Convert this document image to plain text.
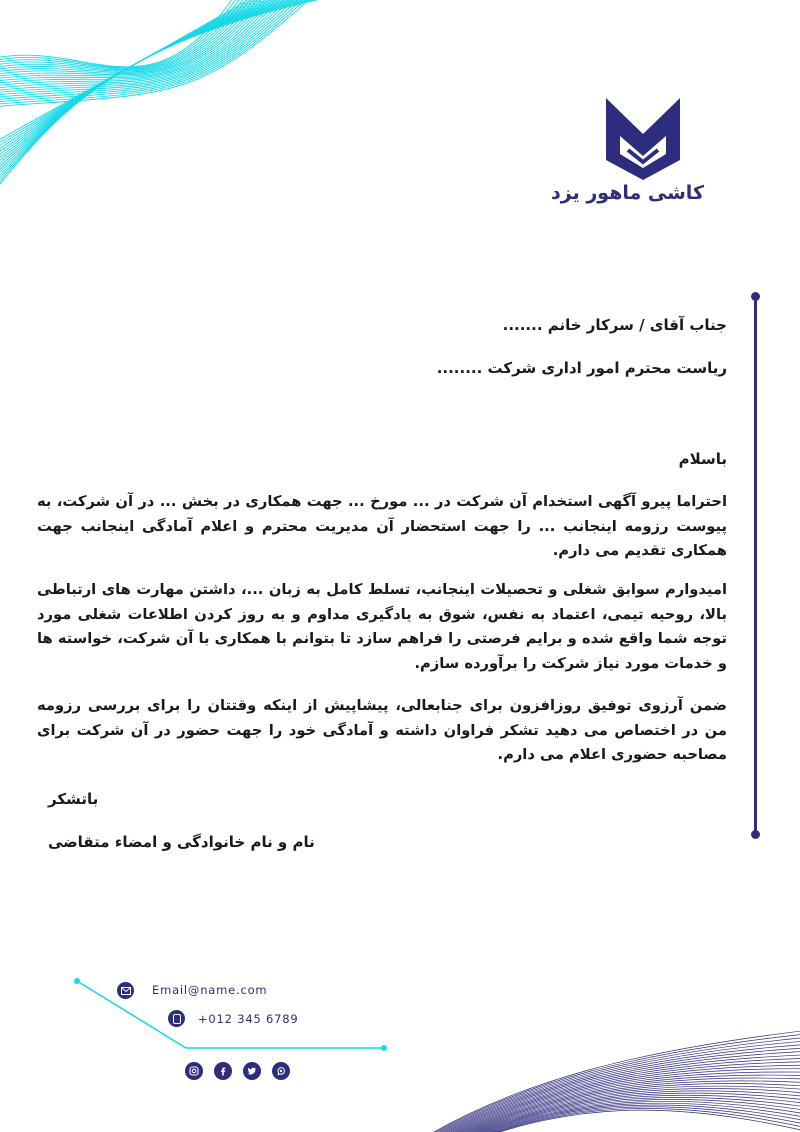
کاشی ماهور یزد
جناب آقای / سرکار خانم .......
ریاست محترم امور اداری شرکت ........
باسلام
احتراما پیرو آگهی استخدام آن شرکت در ... مورخ ... جهت همکاری در بخش ... در آن شرکت، به پیوست رزومه اینجانب ... را جهت استحضار آن مدیریت محترم و اعلام آمادگی اینجانب جهت همکاری تقدیم می دارم.
امیدوارم سوابق شغلی و تحصیلات اینجانب، تسلط کامل به زبان ...، داشتن مهارت های ارتباطی بالا، روحیه تیمی، اعتماد به نفس، شوق به یادگیری مداوم و به روز کردن اطلاعات شغلی مورد توجه شما واقع شده و برایم فرصتی را فراهم سازد تا بتوانم با همکاری با آن شرکت، خواسته ها و خدمات مورد نیاز شرکت را برآورده سازم.
ضمن آرزوی توفیق روزافزون برای جنابعالی، پیشاپیش از اینکه وقتتان را برای بررسی رزومه من در اختصاص می دهید تشکر فراوان داشته و آمادگی خود را جهت حضور در آن شرکت برای مصاحبه حضوری اعلام می دارم.
باتشکر
نام و نام خانوادگی و امضاء متقاضی
Email@name.com
+012 345 6789
